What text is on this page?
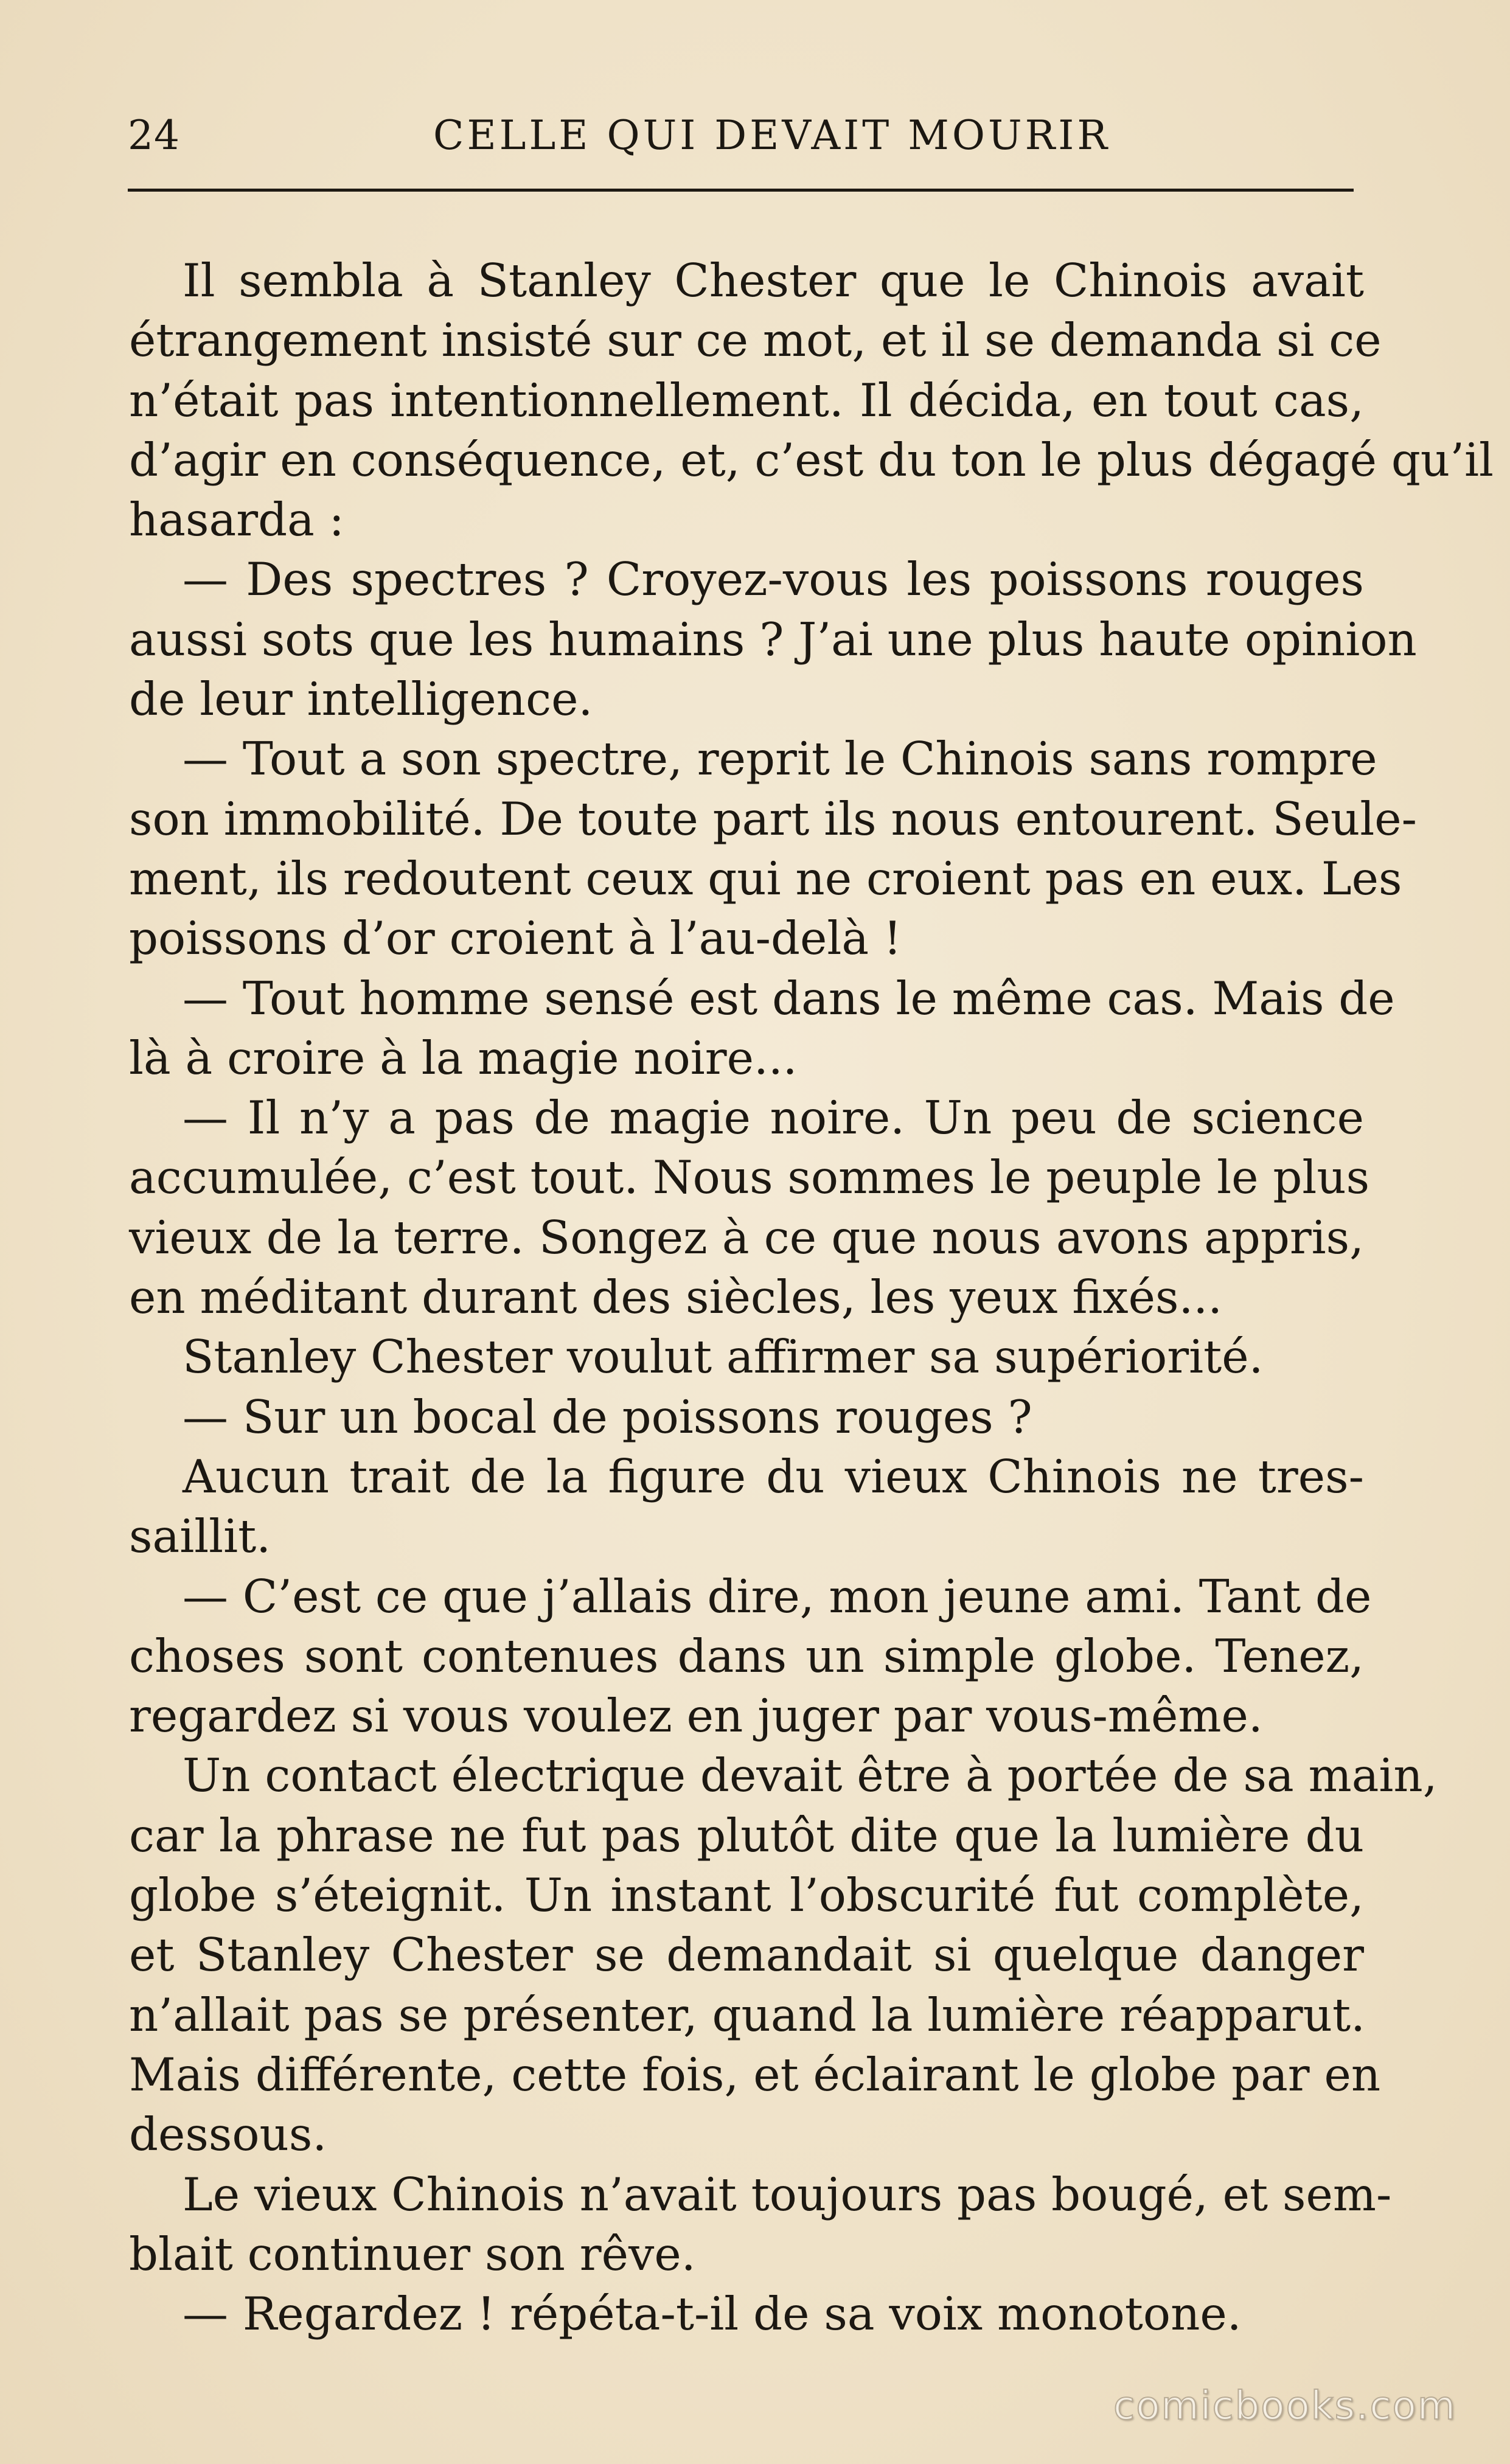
24	CELLE QUI DEVAIT MOURIR
Il sembla à Stanley Chester que le Chinois avait
étrangement insisté sur ce mot, et il se demanda si ce
n’était pas intentionnellement. Il décida, en tout cas,
d’agir en conséquence, et, c’est du ton le plus dégagé qu’il
hasarda :
— Des spectres ? Croyez-vous les poissons rouges
aussi sots que les humains ? J’ai une plus haute opinion
de leur intelligence.
— Tout a son spectre, reprit le Chinois sans rompre
son immobilité. De toute part ils nous entourent. Seule-
ment, ils redoutent ceux qui ne croient pas en eux. Les
poissons d’or croient à l’au-delà !
— Tout homme sensé est dans le même cas. Mais de
là à croire à la magie noire...
— Il n’y a pas de magie noire. Un peu de science
accumulée, c’est tout. Nous sommes le peuple le plus
vieux de la terre. Songez à ce que nous avons appris,
en méditant durant des siècles, les yeux fixés...
Stanley Chester voulut affirmer sa supériorité.
— Sur un bocal de poissons rouges ?
Aucun trait de la figure du vieux Chinois ne tres-
saillit.
— C’est ce que j’allais dire, mon jeune ami. Tant de
choses sont contenues dans un simple globe. Tenez,
regardez si vous voulez en juger par vous-même.
Un contact électrique devait être à portée de sa main,
car la phrase ne fut pas plutôt dite que la lumière du
globe s’éteignit. Un instant l’obscurité fut complète,
et Stanley Chester se demandait si quelque danger
n’allait pas se présenter, quand la lumière réapparut.
Mais différente, cette fois, et éclairant le globe par en
dessous.
Le vieux Chinois n’avait toujours pas bougé, et sem-
blait continuer son rêve.
— Regardez ! répéta-t-il de sa voix monotone.
comicbooks.com
